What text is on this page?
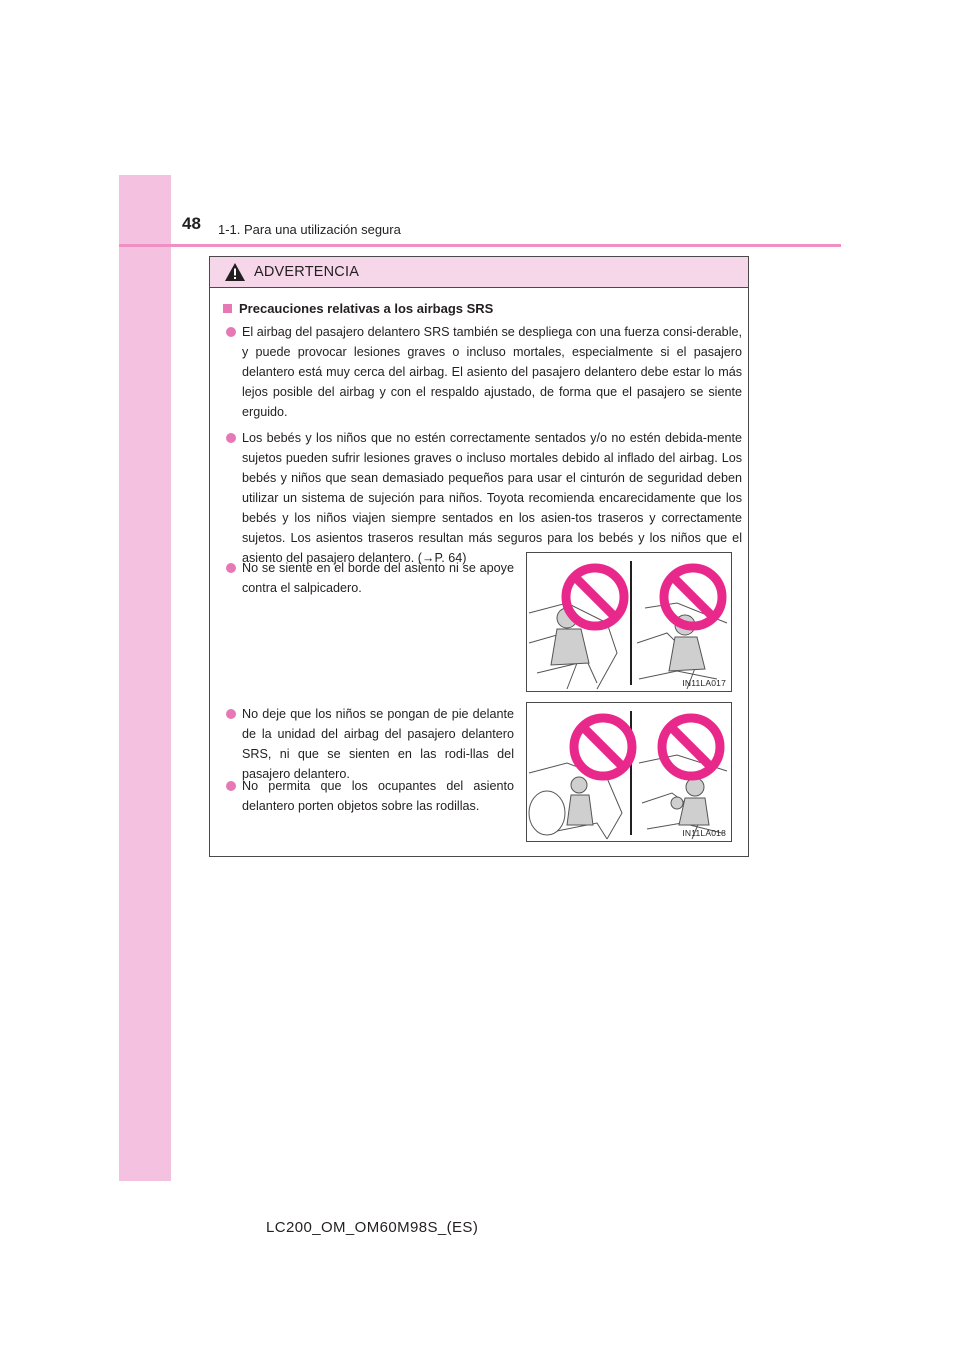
48 1-1. Para una utilización segura
ADVERTENCIA
Precauciones relativas a los airbags SRS
El airbag del pasajero delantero SRS también se despliega con una fuerza consi-derable, y puede provocar lesiones graves o incluso mortales, especialmente si el pasajero delantero está muy cerca del airbag. El asiento del pasajero delantero debe estar lo más lejos posible del airbag y con el respaldo ajustado, de forma que el pasajero se siente erguido.
Los bebés y los niños que no estén correctamente sentados y/o no estén debida-mente sujetos pueden sufrir lesiones graves o incluso mortales debido al inflado del airbag. Los bebés y niños que sean demasiado pequeños para usar el cinturón de seguridad deben utilizar un sistema de sujeción para niños. Toyota recomienda encarecidamente que los bebés y los niños viajen siempre sentados en los asien-tos traseros y correctamente sujetos. Los asientos traseros resultan más seguros para los bebés y los niños que el asiento del pasajero delantero. (→P. 64)
No se siente en el borde del asiento ni se apoye contra el salpicadero.
No deje que los niños se pongan de pie delante de la unidad del airbag del pasajero delantero SRS, ni que se sienten en las rodi-llas del pasajero delantero.
No permita que los ocupantes del asiento delantero porten objetos sobre las rodillas.
IN11LA017
IN11LA018
LC200_OM_OM60M98S_(ES)
